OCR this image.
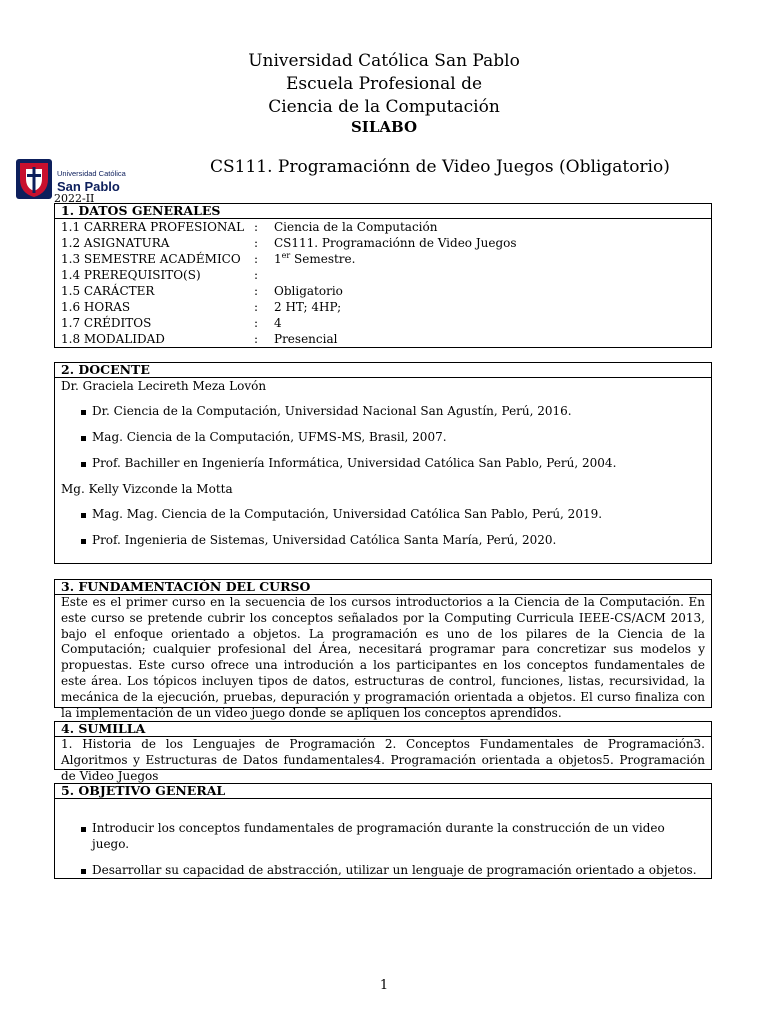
Universidad Católica San Pablo
Escuela Profesional de
Ciencia de la Computación
SILABO
Universidad Católica
San Pablo
2022-II
CS111. Programaciónn de Video Juegos (Obligatorio)
1. DATOS GENERALES
1.1 CARRERA PROFESIONAL :	Ciencia de la Computación
1.2 ASIGNATURA	:	CS111. Programaciónn de Video Juegos
1.3 SEMESTRE ACADÉMICO	:	1er Semestre.
1.4 PREREQUISITO(S)	:
1.5 CARÁCTER	:	Obligatorio
1.6 HORAS	:	2 HT; 4HP;
1.7 CRÉDITOS	:	4
1.8 MODALIDAD	:	Presencial
2. DOCENTE
Dr. Graciela Lecireth Meza Lovón
Dr. Ciencia de la Computación, Universidad Nacional San Agustín, Perú, 2016.
Mag. Ciencia de la Computación, UFMS-MS, Brasil, 2007.
Prof. Bachiller en Ingeniería Informática, Universidad Católica San Pablo, Perú, 2004.
Mg. Kelly Vizconde la Motta
Mag. Mag. Ciencia de la Computación, Universidad Católica San Pablo, Perú, 2019.
Prof. Ingenieria de Sistemas, Universidad Católica Santa María, Perú, 2020.
3. FUNDAMENTACIÓN DEL CURSO
Este es el primer curso en la secuencia de los cursos introductorios a la Ciencia de la Computación. En este curso se pretende cubrir los conceptos señalados por la Computing Curricula IEEE-CS/ACM 2013, bajo el enfoque orientado a objetos. La programación es uno de los pilares de la Ciencia de la Computación; cualquier profesional del Área, necesitará programar para concretizar sus modelos y propuestas. Este curso ofrece una introdución a los participantes en los conceptos fundamentales de este área. Los tópicos incluyen tipos de datos, estructuras de control, funciones, listas, recursividad, la mecánica de la ejecución, pruebas, depuración y programación orientada a objetos. El curso finaliza con la implementación de un video juego donde se apliquen los conceptos aprendidos.
4. SUMILLA
1. Historia de los Lenguajes de Programación 2. Conceptos Fundamentales de Programación3. Algoritmos y Estructuras de Datos fundamentales4. Programación orientada a objetos5. Programación de Video Juegos
5. OBJETIVO GENERAL
Introducir los conceptos fundamentales de programación durante la construcción de un video juego.
Desarrollar su capacidad de abstracción, utilizar un lenguaje de programación orientado a objetos.
1
